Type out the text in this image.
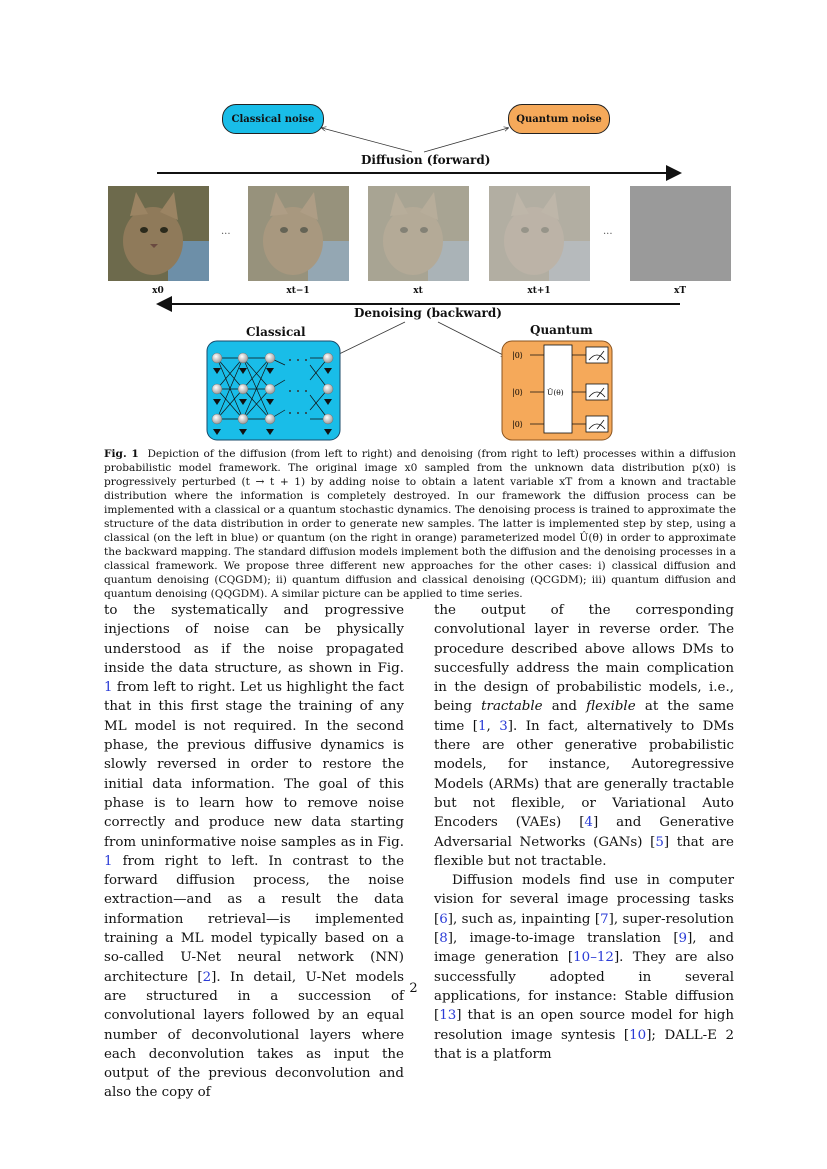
|0⟩
|0⟩
|0⟩
Û(θ)
Classical noise	Quantum noise
Diffusion (forward)
Denoising (backward)
Classical	Quantum
...	...
x0	xt−1	xt	xt+1	xT
Fig. 1 Depiction of the diffusion (from left to right) and denoising (from right to left) processes within a diffusion probabilistic model framework. The original image x0 sampled from the unknown data distribution p(x0) is progressively perturbed (t → t + 1) by adding noise to obtain a latent variable xT from a known and tractable distribution where the information is completely destroyed. In our framework the diffusion process can be implemented with a classical or a quantum stochastic dynamics. The denoising process is trained to approximate the structure of the data distribution in order to generate new samples. The latter is implemented step by step, using a classical (on the left in blue) or quantum (on the right in orange) parameterized model Û(θ) in order to approximate the backward mapping. The standard diffusion models implement both the diffusion and the denoising processes in a classical framework. We propose three different new approaches for the other cases: i) classical diffusion and quantum denoising (CQGDM); ii) quantum diffusion and classical denoising (QCGDM); iii) quantum diffusion and quantum denoising (QQGDM). A similar picture can be applied to time series.

to the systematically and progressive injections of noise can be physically understood as if the noise propagated inside the data structure, as shown in Fig. 1 from left to right. Let us highlight the fact that in this first stage the training of any ML model is not required. In the second phase, the previous diffusive dynamics is slowly reversed in order to restore the initial data information. The goal of this phase is to learn how to remove noise correctly and produce new data starting from uninformative noise samples as in Fig. 1 from right to left. In contrast to the forward diffusion process, the noise extraction—and as a result the data information retrieval—is implemented training a ML model typically based on a so-called U-Net neural network (NN) architecture [2]. In detail, U-Net models are structured in a succession of convolutional layers followed by an equal number of deconvolutional layers where each deconvolution takes as input the output of the previous deconvolution and also the copy of

the output of the corresponding convolutional layer in reverse order. The procedure described above allows DMs to succesfully address the main complication in the design of probabilistic models, i.e., being tractable and flexible at the same time [1, 3]. In fact, alternatively to DMs there are other generative probabilistic models, for instance, Autoregressive Models (ARMs) that are generally tractable but not flexible, or Variational Auto Encoders (VAEs) [4] and Generative Adversarial Networks (GANs) [5] that are flexible but not tractable.

Diffusion models find use in computer vision for several image processing tasks [6], such as, inpainting [7], super-resolution [8], image-to-image translation [9], and image generation [10–12]. They are also successfully adopted in several applications, for instance: Stable diffusion [13] that is an open source model for high resolution image syntesis [10]; DALL-E 2 that is a platform

2
